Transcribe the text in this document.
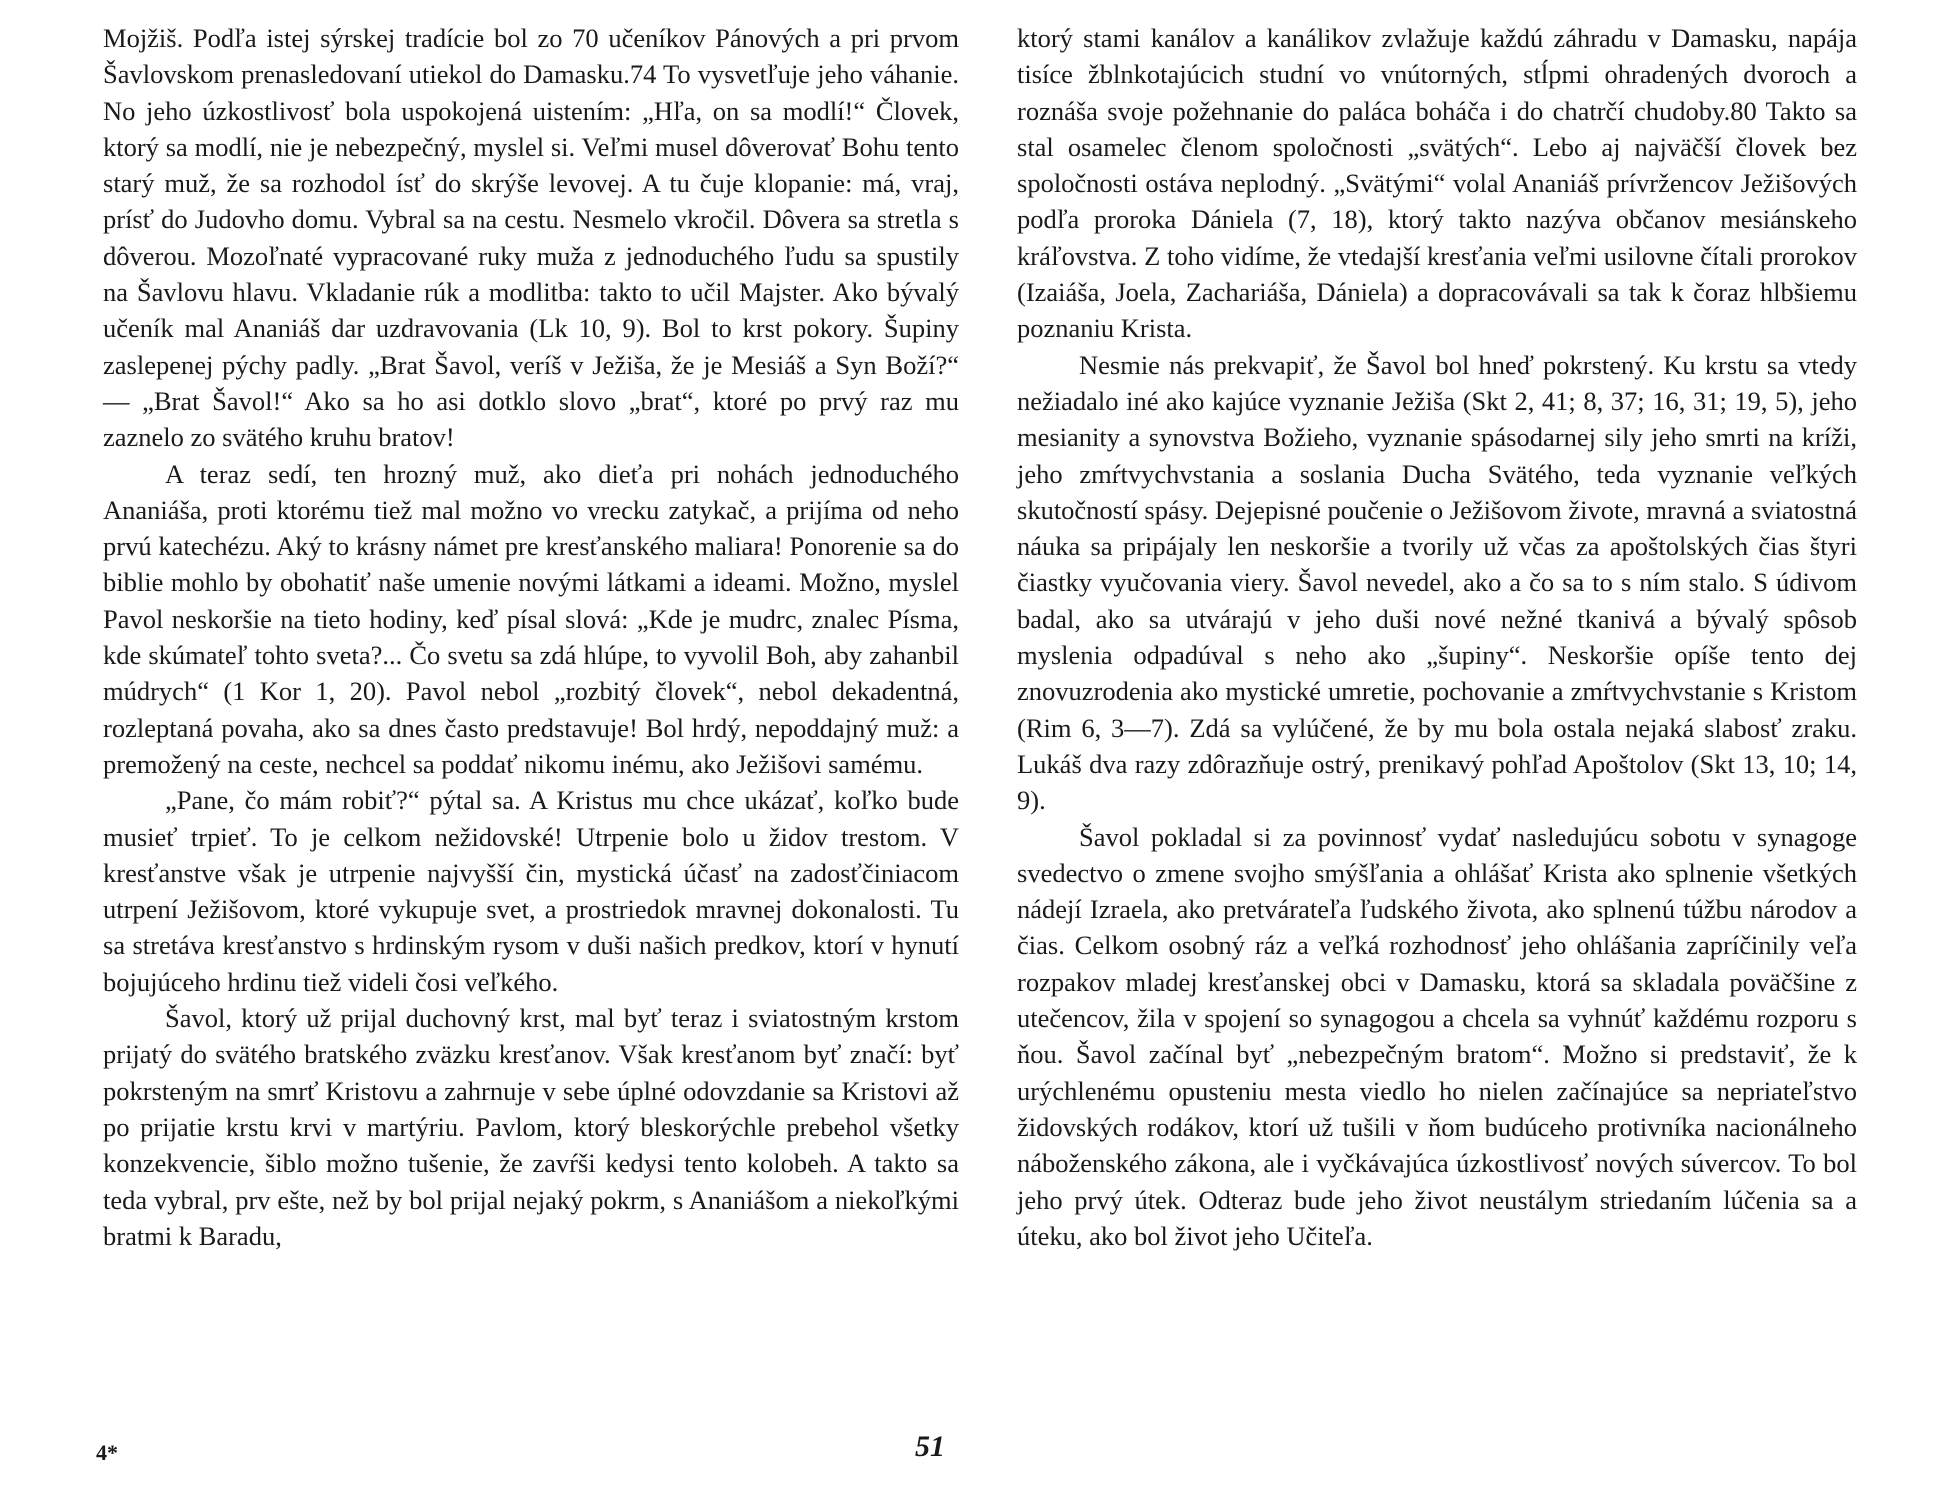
Mojžiš. Podľa istej sýrskej tradície bol zo 70 učeníkov Pánových a pri prvom Šavlovskom prenasledovaní utiekol do Damasku.74 To vysvetľuje jeho váhanie. No jeho úzkostlivosť bola uspokojená uistením: „Hľa, on sa modlí!“ Človek, ktorý sa modlí, nie je nebezpečný, myslel si. Veľmi musel dôverovať Bohu tento starý muž, že sa rozhodol ísť do skrýše levovej. A tu čuje klopanie: má, vraj, prísť do Judovho domu. Vybral sa na cestu. Nesmelo vkročil. Dôvera sa stretla s dôverou. Mozoľnaté vypracované ruky muža z jednoduchého ľudu sa spustily na Šavlovu hlavu. Vkladanie rúk a modlitba: takto to učil Majster. Ako bývalý učeník mal Ananiáš dar uzdravovania (Lk 10, 9). Bol to krst pokory. Šupiny zaslepenej pýchy padly. „Brat Šavol, veríš v Ježiša, že je Mesiáš a Syn Boží?“ — „Brat Šavol!“ Ako sa ho asi dotklo slovo „brat“, ktoré po prvý raz mu zaznelo zo svätého kruhu bratov!

A teraz sedí, ten hrozný muž, ako dieťa pri nohách jednoduchého Ananiáša, proti ktorému tiež mal možno vo vrecku zatykač, a prijíma od neho prvú katechézu. Aký to krásny námet pre kresťanského maliara! Ponorenie sa do biblie mohlo by obohatiť naše umenie novými látkami a ideami. Možno, myslel Pavol neskoršie na tieto hodiny, keď písal slová: „Kde je mudrc, znalec Písma, kde skúmateľ tohto sveta?... Čo svetu sa zdá hlúpe, to vyvolil Boh, aby zahanbil múdrych“ (1 Kor 1, 20). Pavol nebol „rozbitý človek“, nebol dekadentná, rozleptaná povaha, ako sa dnes často predstavuje! Bol hrdý, nepoddajný muž: a premožený na ceste, nechcel sa poddať nikomu inému, ako Ježišovi samému.

„Pane, čo mám robiť?“ pýtal sa. A Kristus mu chce ukázať, koľko bude musieť trpieť. To je celkom nežidovské! Utrpenie bolo u židov trestom. V kresťanstve však je utrpenie najvyšší čin, mystická účasť na zadosťčiniacom utrpení Ježišovom, ktoré vykupuje svet, a prostriedok mravnej dokonalosti. Tu sa stretáva kresťanstvo s hrdinským rysom v duši našich predkov, ktorí v hynutí bojujúceho hrdinu tiež videli čosi veľkého.

Šavol, ktorý už prijal duchovný krst, mal byť teraz i sviatostným krstom prijatý do svätého bratského zväzku kresťanov. Však kresťanom byť značí: byť pokrsteným na smrť Kristovu a zahrnuje v sebe úplné odovzdanie sa Kristovi až po prijatie krstu krvi v martýriu. Pavlom, ktorý bleskorýchle prebehol všetky konzekvencie, šiblo možno tušenie, že zavŕši kedysi tento kolobeh. A takto sa teda vybral, prv ešte, než by bol prijal nejaký pokrm, s Ananiášom a niekoľkými bratmi k Baradu,

ktorý stami kanálov a kanálikov zvlažuje každú záhradu v Damasku, napája tisíce žblnkotajúcich studní vo vnútorných, stĺpmi ohradených dvoroch a roznáša svoje požehnanie do paláca boháča i do chatrčí chudoby.80 Takto sa stal osamelec členom spoločnosti „svätých“. Lebo aj najväčší človek bez spoločnosti ostáva neplodný. „Svätými“ volal Ananiáš prívržencov Ježišových podľa proroka Dániela (7, 18), ktorý takto nazýva občanov mesiánskeho kráľovstva. Z toho vidíme, že vtedajší kresťania veľmi usilovne čítali prorokov (Izaiáša, Joela, Zachariáša, Dániela) a dopracovávali sa tak k čoraz hlbšiemu poznaniu Krista.

Nesmie nás prekvapiť, že Šavol bol hneď pokrstený. Ku krstu sa vtedy nežiadalo iné ako kajúce vyznanie Ježiša (Skt 2, 41; 8, 37; 16, 31; 19, 5), jeho mesianity a synovstva Božieho, vyznanie spásodarnej sily jeho smrti na kríži, jeho zmŕtvychvstania a soslania Ducha Svätého, teda vyznanie veľkých skutočností spásy. Dejepisné poučenie o Ježišovom živote, mravná a sviatostná náuka sa pripájaly len neskoršie a tvorily už včas za apoštolských čias štyri čiastky vyučovania viery. Šavol nevedel, ako a čo sa to s ním stalo. S údivom badal, ako sa utvárajú v jeho duši nové nežné tkanivá a bývalý spôsob myslenia odpadúval s neho ako „šupiny“. Neskoršie opíše tento dej znovuzrodenia ako mystické umretie, pochovanie a zmŕtvychvstanie s Kristom (Rim 6, 3—7). Zdá sa vylúčené, že by mu bola ostala nejaká slabosť zraku. Lukáš dva razy zdôrazňuje ostrý, prenikavý pohľad Apoštolov (Skt 13, 10; 14, 9).

Šavol pokladal si za povinnosť vydať nasledujúcu sobotu v synagoge svedectvo o zmene svojho smýšľania a ohlášať Krista ako splnenie všetkých nádejí Izraela, ako pretvárateľa ľudského života, ako splnenú túžbu národov a čias. Celkom osobný ráz a veľká rozhodnosť jeho ohlášania zapríčinily veľa rozpakov mladej kresťanskej obci v Damasku, ktorá sa skladala poväčšine z utečencov, žila v spojení so synagogou a chcela sa vyhnúť každému rozporu s ňou. Šavol začínal byť „nebezpečným bratom“. Možno si predstaviť, že k urýchlenému opusteniu mesta viedlo ho nielen začínajúce sa nepriateľstvo židovských rodákov, ktorí už tušili v ňom budúceho protivníka nacionálneho náboženského zákona, ale i vyčkávajúca úzkostlivosť nových súvercov. To bol jeho prvý útek. Odteraz bude jeho život neustálym striedaním lúčenia sa a úteku, ako bol život jeho Učiteľa.

4*	51
